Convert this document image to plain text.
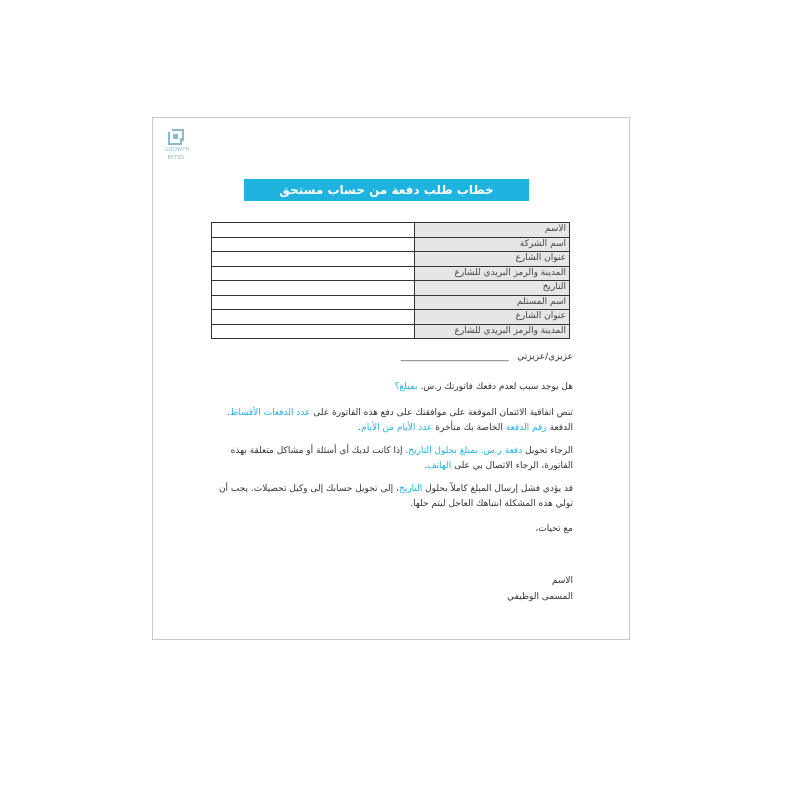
GROWTH
BYTES
خطاب طلب دفعة من حساب مستحق
الاسم	
اسم الشركة	
عنوان الشارع	
المدينة والرمز البريدي للشارع	
التاريخ	
اسم المستلم	
عنوان الشارع	
المدينة والرمز البريدي للشارع	
عزيزي/عزيزتي   ________________________
هل يوجد سبب لعدم دفعك فاتورتك ر.س. بمبلغ؟
تنص اتفاقية الائتمان الموقعة على موافقتك على دفع هذه الفاتورة على عدد الدفعات الأقساط. الدفعة رقم الدفعة الخاصة بك متأخرة عدد الأيام من الأيام.
الرجاء تحويل دفعة ر.س. بمبلغ بحلول التاريخ. إذا كانت لديك أي أسئلة أو مشاكل متعلقة بهذه الفاتورة، الرجاء الاتصال بي على الهاتف.
قد يؤدي فشل إرسال المبلغ كاملاً بحلول التاريخ، إلى تحويل حسابك إلى وكيل تحصيلات. يجب أن تولي هذه المشكلة انتباهك العاجل ليتم حلها.
مع تحيات،
الاسم
المسمى الوظيفي
